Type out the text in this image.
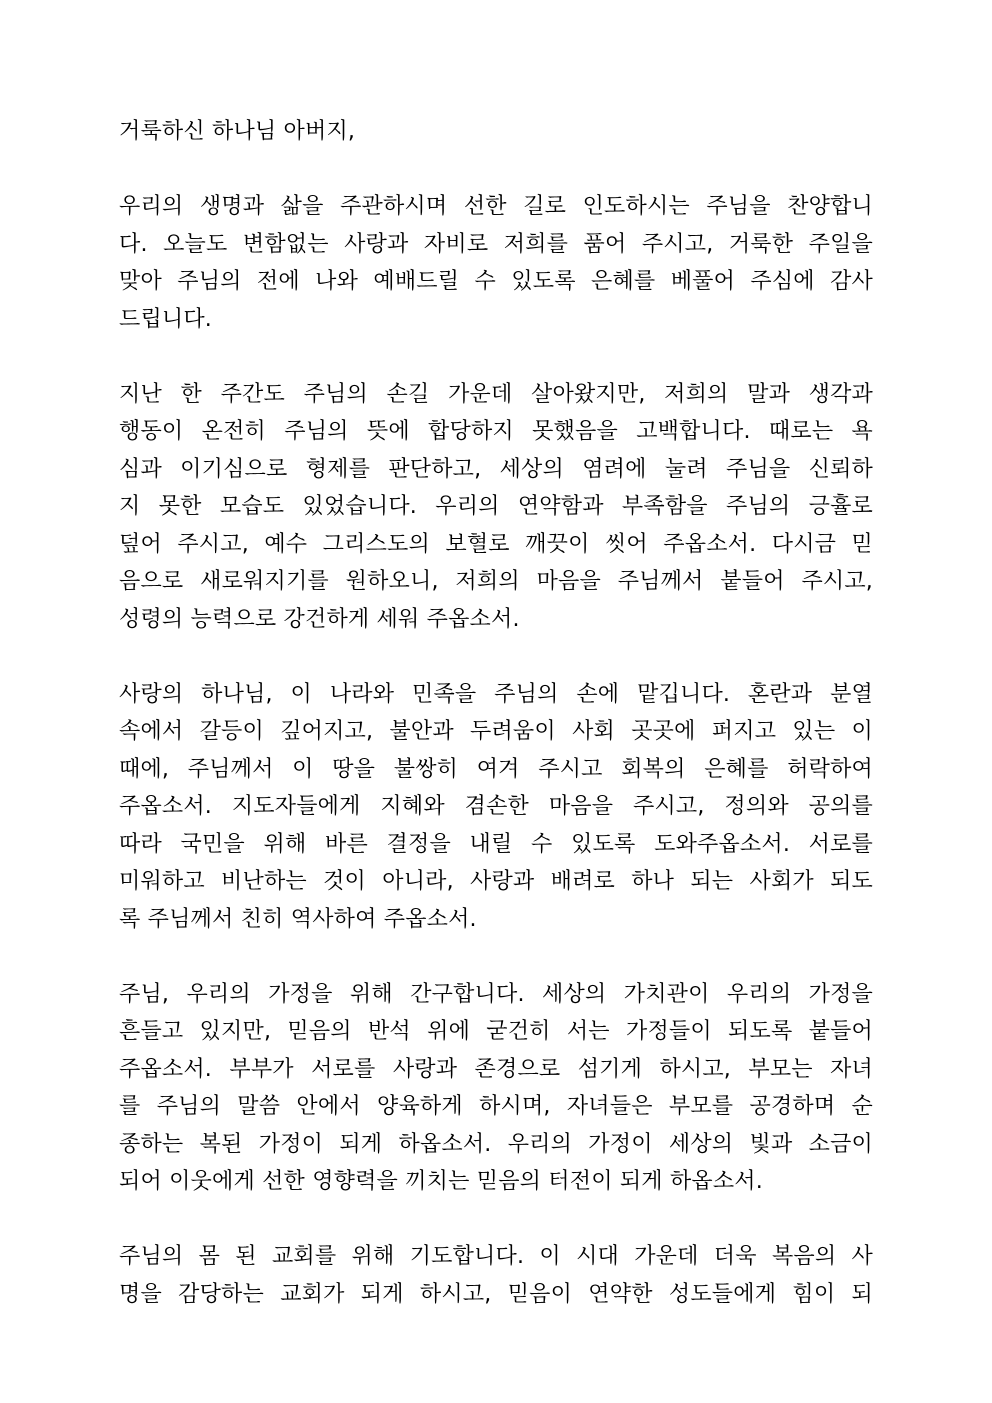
거룩하신 하나님 아버지,
우리의 생명과 삶을 주관하시며 선한 길로 인도하시는 주님을 찬양합니
다. 오늘도 변함없는 사랑과 자비로 저희를 품어 주시고, 거룩한 주일을
맞아 주님의 전에 나와 예배드릴 수 있도록 은혜를 베풀어 주심에 감사
드립니다.
지난 한 주간도 주님의 손길 가운데 살아왔지만, 저희의 말과 생각과
행동이 온전히 주님의 뜻에 합당하지 못했음을 고백합니다. 때로는 욕
심과 이기심으로 형제를 판단하고, 세상의 염려에 눌려 주님을 신뢰하
지 못한 모습도 있었습니다. 우리의 연약함과 부족함을 주님의 긍휼로
덮어 주시고, 예수 그리스도의 보혈로 깨끗이 씻어 주옵소서. 다시금 믿
음으로 새로워지기를 원하오니, 저희의 마음을 주님께서 붙들어 주시고,
성령의 능력으로 강건하게 세워 주옵소서.
사랑의 하나님, 이 나라와 민족을 주님의 손에 맡깁니다. 혼란과 분열
속에서 갈등이 깊어지고, 불안과 두려움이 사회 곳곳에 퍼지고 있는 이
때에, 주님께서 이 땅을 불쌍히 여겨 주시고 회복의 은혜를 허락하여
주옵소서. 지도자들에게 지혜와 겸손한 마음을 주시고, 정의와 공의를
따라 국민을 위해 바른 결정을 내릴 수 있도록 도와주옵소서. 서로를
미워하고 비난하는 것이 아니라, 사랑과 배려로 하나 되는 사회가 되도
록 주님께서 친히 역사하여 주옵소서.
주님, 우리의 가정을 위해 간구합니다. 세상의 가치관이 우리의 가정을
흔들고 있지만, 믿음의 반석 위에 굳건히 서는 가정들이 되도록 붙들어
주옵소서. 부부가 서로를 사랑과 존경으로 섬기게 하시고, 부모는 자녀
를 주님의 말씀 안에서 양육하게 하시며, 자녀들은 부모를 공경하며 순
종하는 복된 가정이 되게 하옵소서. 우리의 가정이 세상의 빛과 소금이
되어 이웃에게 선한 영향력을 끼치는 믿음의 터전이 되게 하옵소서.
주님의 몸 된 교회를 위해 기도합니다. 이 시대 가운데 더욱 복음의 사
명을 감당하는 교회가 되게 하시고, 믿음이 연약한 성도들에게 힘이 되
